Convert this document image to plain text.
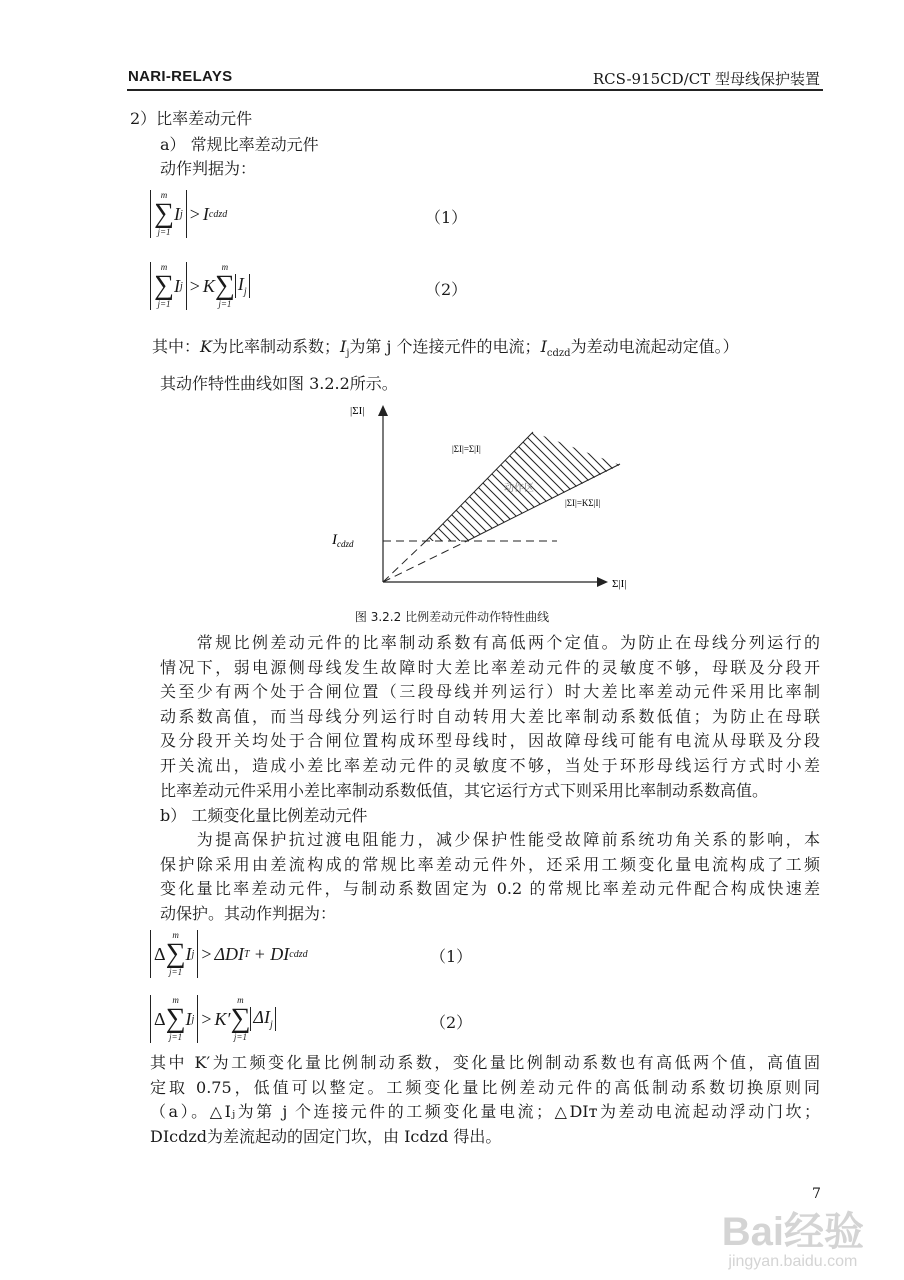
NARI-RELAYS	RCS-915CD/CT 型母线保护装置
2）比率差动元件
a） 常规比率差动元件
动作判据为：
m
∑
j=1
I j > I cdzd	（1）
m
∑
j=1
I j > K
m
∑
j=1
$I_j$	（2）
其中：K为比率制动系数；$I_j$为第 j 个连接元件的电流；$I_{cdzd}$为差动电流起动定值。）
其动作特性曲线如图 3.2.2所示。
|ΣI|
Σ|I|
$I_{cdzd}$
|ΣI|=Σ|I|
|ΣI|=KΣ|I|
动作区
图 3.2.2 比例差动元件动作特性曲线
　　常规比例差动元件的比率制动系数有高低两个定值。为防止在母线分列运行的
情况下，弱电源侧母线发生故障时大差比率差动元件的灵敏度不够，母联及分段开
关至少有两个处于合闸位置（三段母线并列运行）时大差比率差动元件采用比率制
动系数高值，而当母线分列运行时自动转用大差比率制动系数低值；为防止在母联
及分段开关均处于合闸位置构成环型母线时，因故障母线可能有电流从母联及分段
开关流出，造成小差比率差动元件的灵敏度不够，当处于环形母线运行方式时小差
比率差动元件采用小差比率制动系数低值，其它运行方式下则采用比率制动系数高值。
b） 工频变化量比例差动元件
　　为提高保护抗过渡电阻能力，减少保护性能受故障前系统功角关系的影响，本
保护除采用由差流构成的常规比率差动元件外，还采用工频变化量电流构成了工频
变化量比率差动元件，与制动系数固定为 0.2 的常规比率差动元件配合构成快速差
动保护。其动作判据为：
Δ
m
∑
j=1
I j > ΔDI T + DI cdzd	（1）
Δ
m
∑
j=1
I j > K′
m
∑
j=1
$\Delta I_j$	（2）
其中 K′为工频变化量比例制动系数，变化量比例制动系数也有高低两个值，高值固
定取 0.75，低值可以整定。工频变化量比例差动元件的高低制动系数切换原则同
（a）。△Iⱼ为第 j 个连接元件的工频变化量电流；△DIᴛ为差动电流起动浮动门坎；
DIcdzd为差流起动的固定门坎，由 Icdzd 得出。
7
Bai经验
jingyan.baidu.com
